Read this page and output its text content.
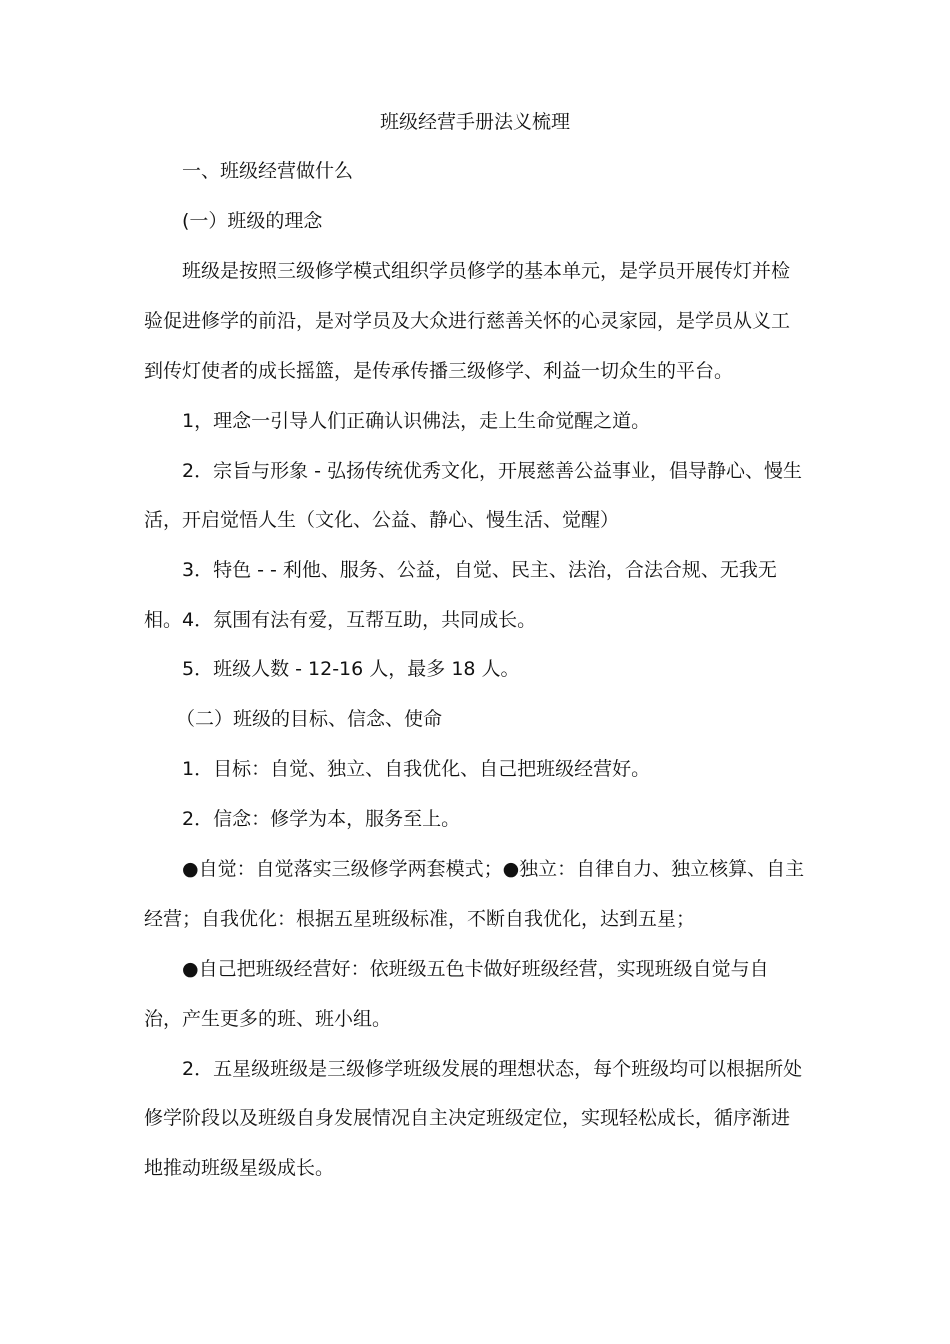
班级经营手册法义梳理
一、班级经营做什么
(一）班级的理念
班级是按照三级修学模式组织学员修学的基本单元，是学员开展传灯并检
验促进修学的前沿，是对学员及大众进行慈善关怀的心灵家园，是学员从义工
到传灯使者的成长摇篮，是传承传播三级修学、利益一切众生的平台。
1，理念一引导人们正确认识佛法，走上生命觉醒之道。
2．宗旨与形象 - 弘扬传统优秀文化，开展慈善公益事业，倡导静心、慢生
活，开启觉悟人生（文化、公益、静心、慢生活、觉醒）
3．特色 - - 利他、服务、公益，自觉、民主、法治，合法合规、无我无
相。4．氛围有法有爱，互帮互助，共同成长。
5．班级人数 - 12-16 人，最多 18 人。
（二）班级的目标、信念、使命
1．目标：自觉、独立、自我优化、自己把班级经营好。
2．信念：修学为本，服务至上。
●自觉：自觉落实三级修学两套模式；●独立：自律自力、独立核算、自主
经营；自我优化：根据五星班级标准，不断自我优化，达到五星；
●自己把班级经营好：依班级五色卡做好班级经营，实现班级自觉与自
治，产生更多的班、班小组。
2．五星级班级是三级修学班级发展的理想状态，每个班级均可以根据所处
修学阶段以及班级自身发展情况自主决定班级定位，实现轻松成长，循序渐进
地推动班级星级成长。
